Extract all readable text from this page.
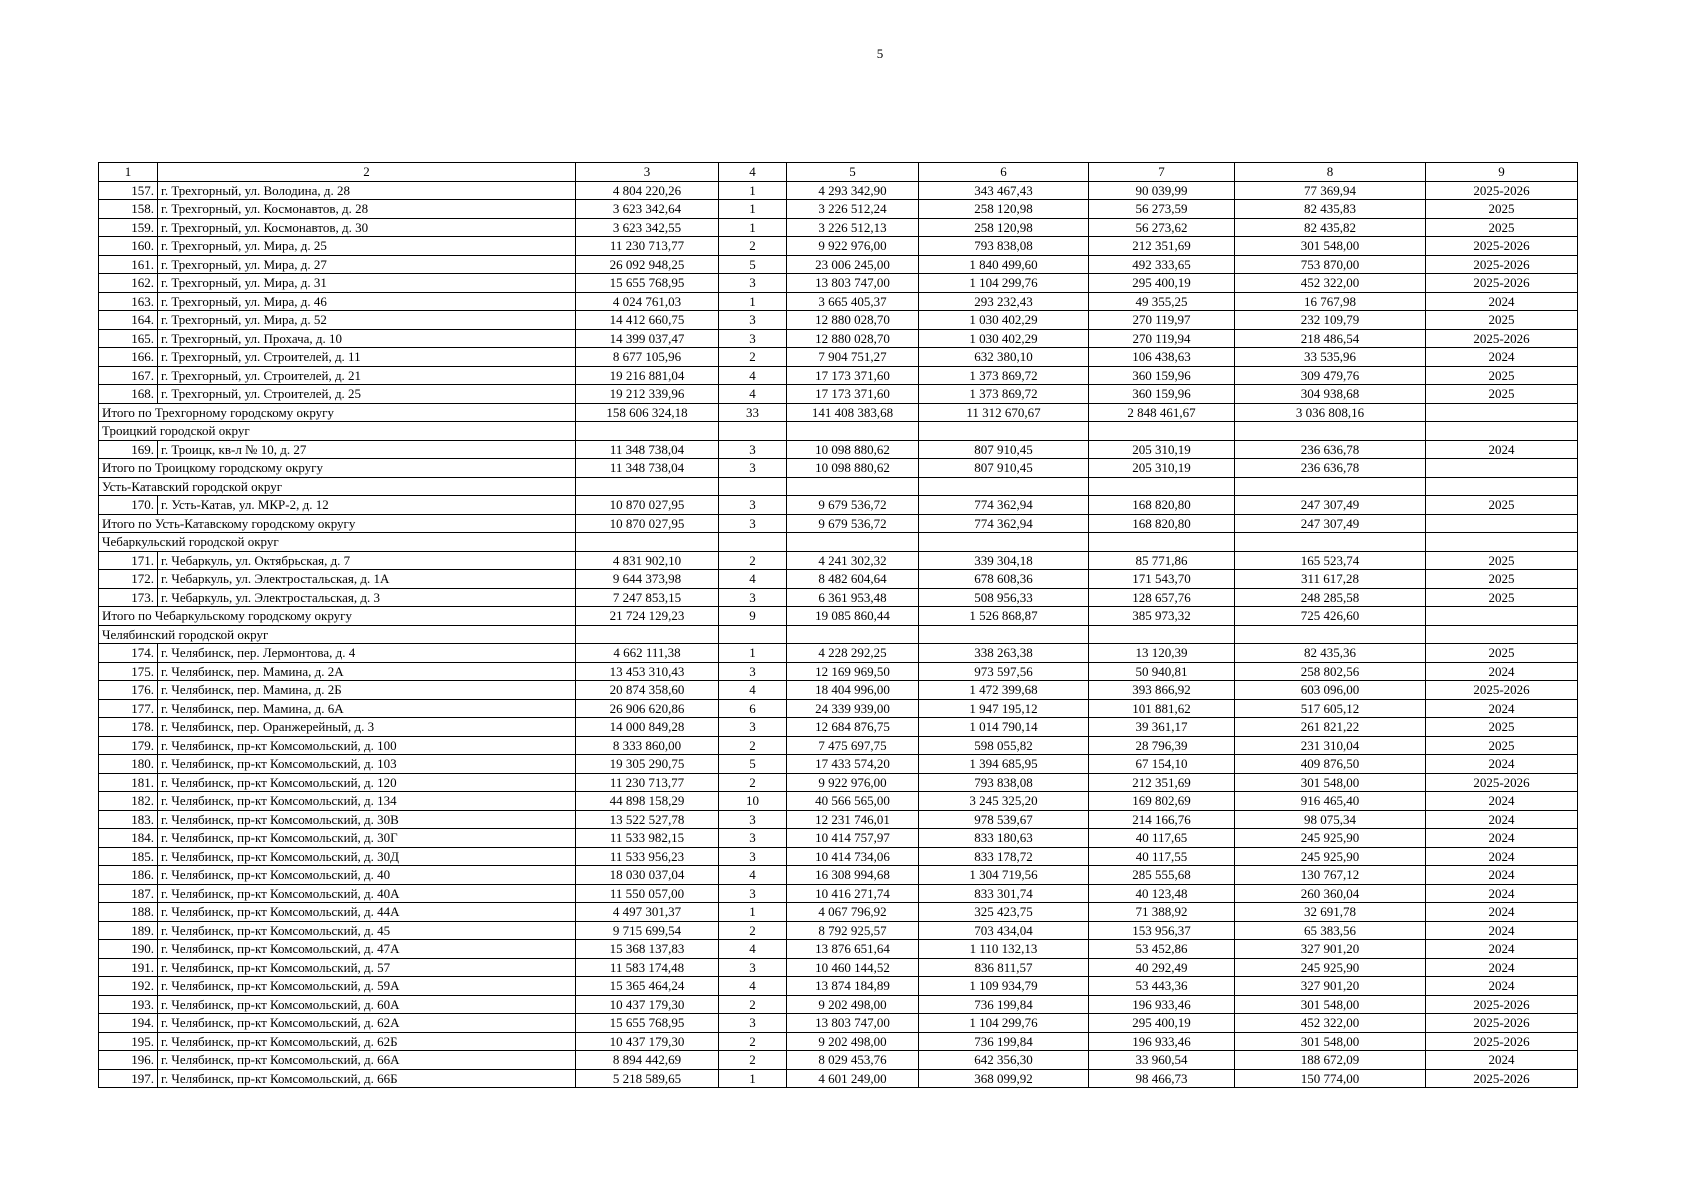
5
1	2	3	4	5	6	7	8	9
157.	г. Трехгорный, ул. Володина, д. 28	4 804 220,26	1	4 293 342,90	343 467,43	90 039,99	77 369,94	2025-2026
158.	г. Трехгорный, ул. Космонавтов, д. 28	3 623 342,64	1	3 226 512,24	258 120,98	56 273,59	82 435,83	2025
159.	г. Трехгорный, ул. Космонавтов, д. 30	3 623 342,55	1	3 226 512,13	258 120,98	56 273,62	82 435,82	2025
160.	г. Трехгорный, ул. Мира, д. 25	11 230 713,77	2	9 922 976,00	793 838,08	212 351,69	301 548,00	2025-2026
161.	г. Трехгорный, ул. Мира, д. 27	26 092 948,25	5	23 006 245,00	1 840 499,60	492 333,65	753 870,00	2025-2026
162.	г. Трехгорный, ул. Мира, д. 31	15 655 768,95	3	13 803 747,00	1 104 299,76	295 400,19	452 322,00	2025-2026
163.	г. Трехгорный, ул. Мира, д. 46	4 024 761,03	1	3 665 405,37	293 232,43	49 355,25	16 767,98	2024
164.	г. Трехгорный, ул. Мира, д. 52	14 412 660,75	3	12 880 028,70	1 030 402,29	270 119,97	232 109,79	2025
165.	г. Трехгорный, ул. Прохача, д. 10	14 399 037,47	3	12 880 028,70	1 030 402,29	270 119,94	218 486,54	2025-2026
166.	г. Трехгорный, ул. Строителей, д. 11	8 677 105,96	2	7 904 751,27	632 380,10	106 438,63	33 535,96	2024
167.	г. Трехгорный, ул. Строителей, д. 21	19 216 881,04	4	17 173 371,60	1 373 869,72	360 159,96	309 479,76	2025
168.	г. Трехгорный, ул. Строителей, д. 25	19 212 339,96	4	17 173 371,60	1 373 869,72	360 159,96	304 938,68	2025
Итого по Трехгорному городскому округу		158 606 324,18	33	141 408 383,68	11 312 670,67	2 848 461,67	3 036 808,16	
Троицкий городской округ								
169.	г. Троицк, кв-л № 10, д. 27	11 348 738,04	3	10 098 880,62	807 910,45	205 310,19	236 636,78	2024
Итого по Троицкому городскому округу		11 348 738,04	3	10 098 880,62	807 910,45	205 310,19	236 636,78	
Усть-Катавский городской округ								
170.	г. Усть-Катав, ул. МКР-2, д. 12	10 870 027,95	3	9 679 536,72	774 362,94	168 820,80	247 307,49	2025
Итого по Усть-Катавскому городскому округу		10 870 027,95	3	9 679 536,72	774 362,94	168 820,80	247 307,49	
Чебаркульский городской округ								
171.	г. Чебаркуль, ул. Октябрьская, д. 7	4 831 902,10	2	4 241 302,32	339 304,18	85 771,86	165 523,74	2025
172.	г. Чебаркуль, ул. Электростальская, д. 1А	9 644 373,98	4	8 482 604,64	678 608,36	171 543,70	311 617,28	2025
173.	г. Чебаркуль, ул. Электростальская, д. 3	7 247 853,15	3	6 361 953,48	508 956,33	128 657,76	248 285,58	2025
Итого по Чебаркульскому городскому округу		21 724 129,23	9	19 085 860,44	1 526 868,87	385 973,32	725 426,60	
Челябинский городской округ								
174.	г. Челябинск, пер. Лермонтова, д. 4	4 662 111,38	1	4 228 292,25	338 263,38	13 120,39	82 435,36	2025
175.	г. Челябинск, пер. Мамина, д. 2А	13 453 310,43	3	12 169 969,50	973 597,56	50 940,81	258 802,56	2024
176.	г. Челябинск, пер. Мамина, д. 2Б	20 874 358,60	4	18 404 996,00	1 472 399,68	393 866,92	603 096,00	2025-2026
177.	г. Челябинск, пер. Мамина, д. 6А	26 906 620,86	6	24 339 939,00	1 947 195,12	101 881,62	517 605,12	2024
178.	г. Челябинск, пер. Оранжерейный, д. 3	14 000 849,28	3	12 684 876,75	1 014 790,14	39 361,17	261 821,22	2025
179.	г. Челябинск, пр-кт Комсомольский, д. 100	8 333 860,00	2	7 475 697,75	598 055,82	28 796,39	231 310,04	2025
180.	г. Челябинск, пр-кт Комсомольский, д. 103	19 305 290,75	5	17 433 574,20	1 394 685,95	67 154,10	409 876,50	2024
181.	г. Челябинск, пр-кт Комсомольский, д. 120	11 230 713,77	2	9 922 976,00	793 838,08	212 351,69	301 548,00	2025-2026
182.	г. Челябинск, пр-кт Комсомольский, д. 134	44 898 158,29	10	40 566 565,00	3 245 325,20	169 802,69	916 465,40	2024
183.	г. Челябинск, пр-кт Комсомольский, д. 30В	13 522 527,78	3	12 231 746,01	978 539,67	214 166,76	98 075,34	2024
184.	г. Челябинск, пр-кт Комсомольский, д. 30Г	11 533 982,15	3	10 414 757,97	833 180,63	40 117,65	245 925,90	2024
185.	г. Челябинск, пр-кт Комсомольский, д. 30Д	11 533 956,23	3	10 414 734,06	833 178,72	40 117,55	245 925,90	2024
186.	г. Челябинск, пр-кт Комсомольский, д. 40	18 030 037,04	4	16 308 994,68	1 304 719,56	285 555,68	130 767,12	2024
187.	г. Челябинск, пр-кт Комсомольский, д. 40А	11 550 057,00	3	10 416 271,74	833 301,74	40 123,48	260 360,04	2024
188.	г. Челябинск, пр-кт Комсомольский, д. 44А	4 497 301,37	1	4 067 796,92	325 423,75	71 388,92	32 691,78	2024
189.	г. Челябинск, пр-кт Комсомольский, д. 45	9 715 699,54	2	8 792 925,57	703 434,04	153 956,37	65 383,56	2024
190.	г. Челябинск, пр-кт Комсомольский, д. 47А	15 368 137,83	4	13 876 651,64	1 110 132,13	53 452,86	327 901,20	2024
191.	г. Челябинск, пр-кт Комсомольский, д. 57	11 583 174,48	3	10 460 144,52	836 811,57	40 292,49	245 925,90	2024
192.	г. Челябинск, пр-кт Комсомольский, д. 59А	15 365 464,24	4	13 874 184,89	1 109 934,79	53 443,36	327 901,20	2024
193.	г. Челябинск, пр-кт Комсомольский, д. 60А	10 437 179,30	2	9 202 498,00	736 199,84	196 933,46	301 548,00	2025-2026
194.	г. Челябинск, пр-кт Комсомольский, д. 62А	15 655 768,95	3	13 803 747,00	1 104 299,76	295 400,19	452 322,00	2025-2026
195.	г. Челябинск, пр-кт Комсомольский, д. 62Б	10 437 179,30	2	9 202 498,00	736 199,84	196 933,46	301 548,00	2025-2026
196.	г. Челябинск, пр-кт Комсомольский, д. 66А	8 894 442,69	2	8 029 453,76	642 356,30	33 960,54	188 672,09	2024
197.	г. Челябинск, пр-кт Комсомольский, д. 66Б	5 218 589,65	1	4 601 249,00	368 099,92	98 466,73	150 774,00	2025-2026
